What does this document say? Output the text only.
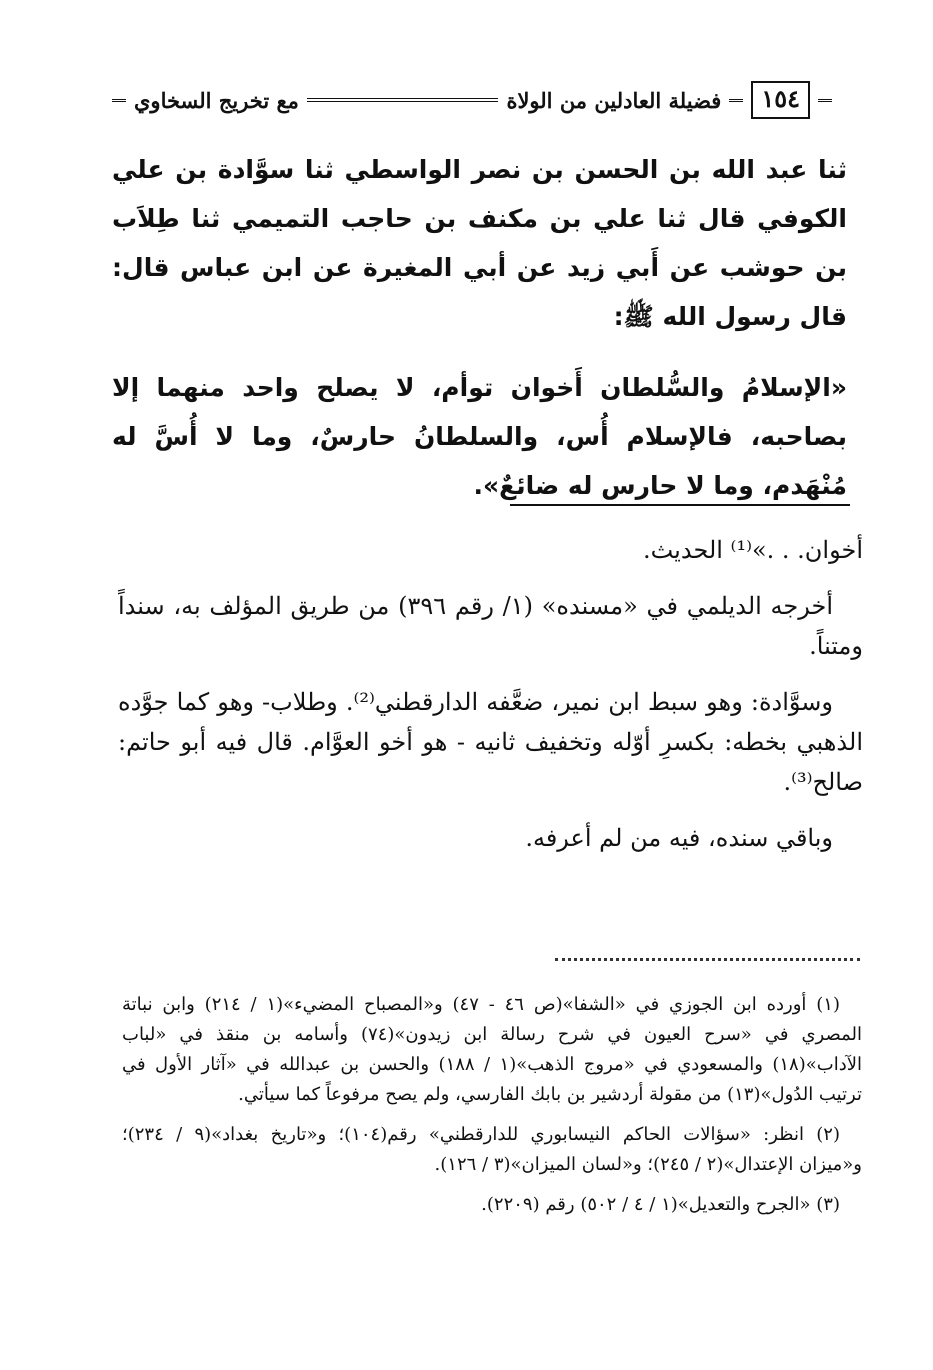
١٥٤
فضيلة العادلين من الولاة
مع تخريج السخاوي

ثنا عبد الله بن الحسن بن نصر الواسطي ثنا سوَّادة بن علي الكوفي قال ثنا علي بن مكنف بن حاجب التميمي ثنا طِلاَب بن حوشب عن أَبي زيد عن أبي المغيرة عن ابن عباس قال: قال رسول الله ﷺ:

«الإسلامُ والسُّلطان أَخوان توأم، لا يصلح واحد منهما إلا بصاحبه، فالإسلام أُس، والسلطانُ حارسٌ، وما لا أُسَّ له مُنْهَدم، وما لا حارس له ضائعٌ».

أخوان. . .»⁽¹⁾ الحديث.

أخرجه الديلمي في «مسنده» (١/ رقم ٣٩٦) من طريق المؤلف به، سنداً ومتناً.

وسوَّادة: وهو سبط ابن نمير، ضعَّفه الدارقطني⁽²⁾. وطلاب- وهو كما جوَّده الذهبي بخطه: بكسرِ أوّله وتخفيف ثانيه - هو أخو العوَّام. قال فيه أبو حاتم: صالح⁽³⁾.

وباقي سنده، فيه من لم أعرفه.

(١) أورده ابن الجوزي في «الشفا»(ص ٤٦ - ٤٧) و«المصباح المضيء»(١ / ٢١٤) وابن نباتة المصري في «سرح العيون في شرح رسالة ابن زيدون»(٧٤) وأسامه بن منقذ في «لباب الآداب»(١٨) والمسعودي في «مروج الذهب»(١ / ١٨٨) والحسن بن عبدالله في «آثار الأول في ترتيب الدُول»(١٣) من مقولة أردشير بن بابك الفارسي، ولم يصح مرفوعاً كما سيأتي.

(٢) انظر: «سؤالات الحاكم النيسابوري للدارقطني» رقم(١٠٤)؛ و«تاريخ بغداد»(٩ / ٢٣٤)؛ و«ميزان الإعتدال»(٢ / ٢٤٥)؛ و«لسان الميزان»(٣ / ١٢٦).

(٣) «الجرح والتعديل»(١ / ٤ / ٥٠٢) رقم (٢٢٠٩).
